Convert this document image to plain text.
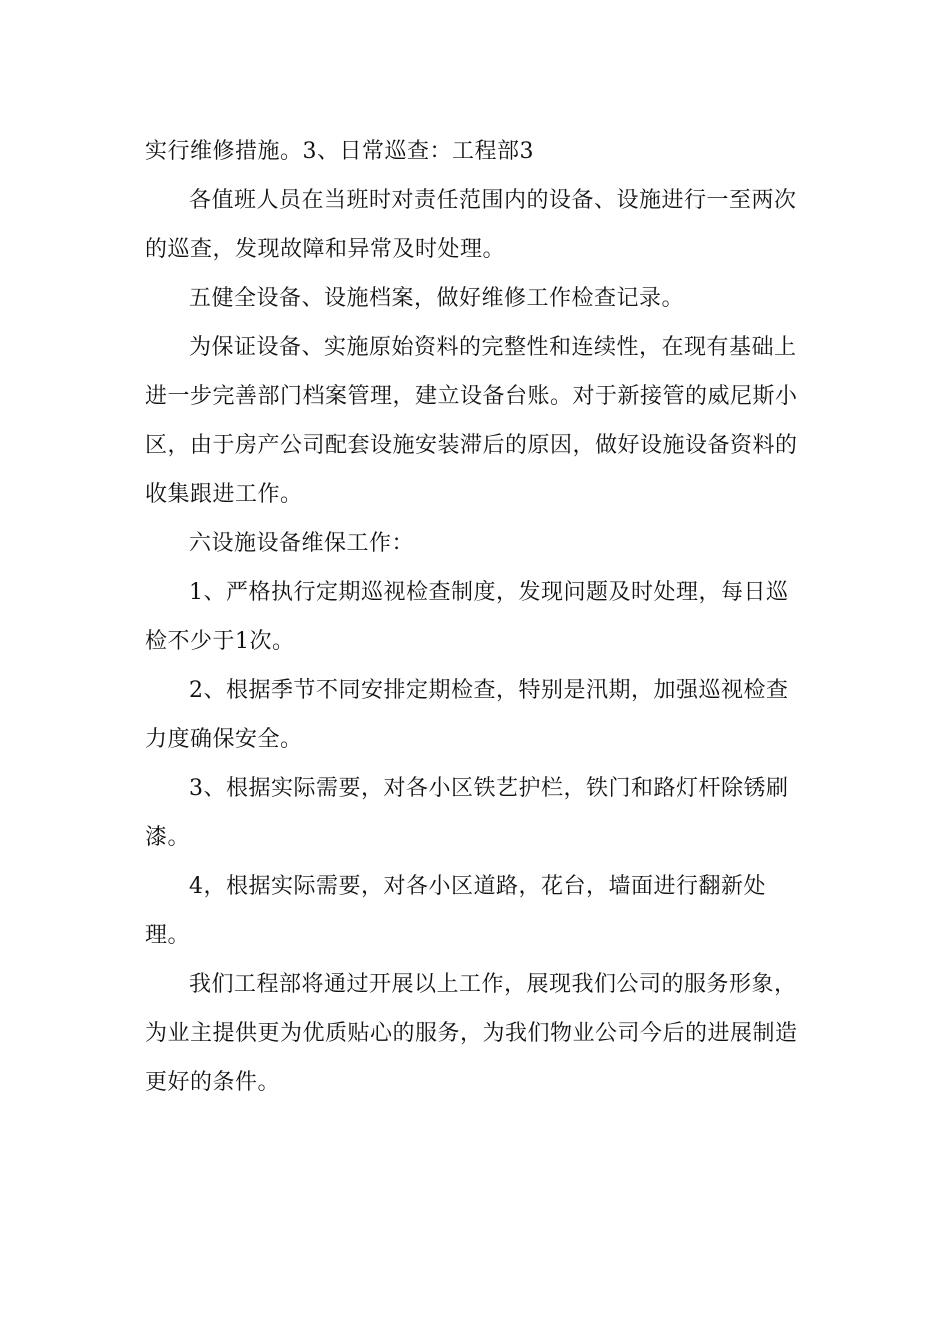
实行维修措施。3、日常巡查：工程部3

各值班人员在当班时对责任范围内的设备、设施进行一至两次的巡查，发现故障和异常及时处理。

五健全设备、设施档案，做好维修工作检查记录。

为保证设备、实施原始资料的完整性和连续性，在现有基础上进一步完善部门档案管理，建立设备台账。对于新接管的威尼斯小区，由于房产公司配套设施安装滞后的原因，做好设施设备资料的收集跟进工作。

六设施设备维保工作：

1、严格执行定期巡视检查制度，发现问题及时处理，每日巡检不少于1次。

2、根据季节不同安排定期检查，特别是汛期，加强巡视检查力度确保安全。

3、根据实际需要，对各小区铁艺护栏，铁门和路灯杆除锈刷漆。

4，根据实际需要，对各小区道路，花台，墙面进行翻新处理。

我们工程部将通过开展以上工作，展现我们公司的服务形象，为业主提供更为优质贴心的服务，为我们物业公司今后的进展制造更好的条件。
